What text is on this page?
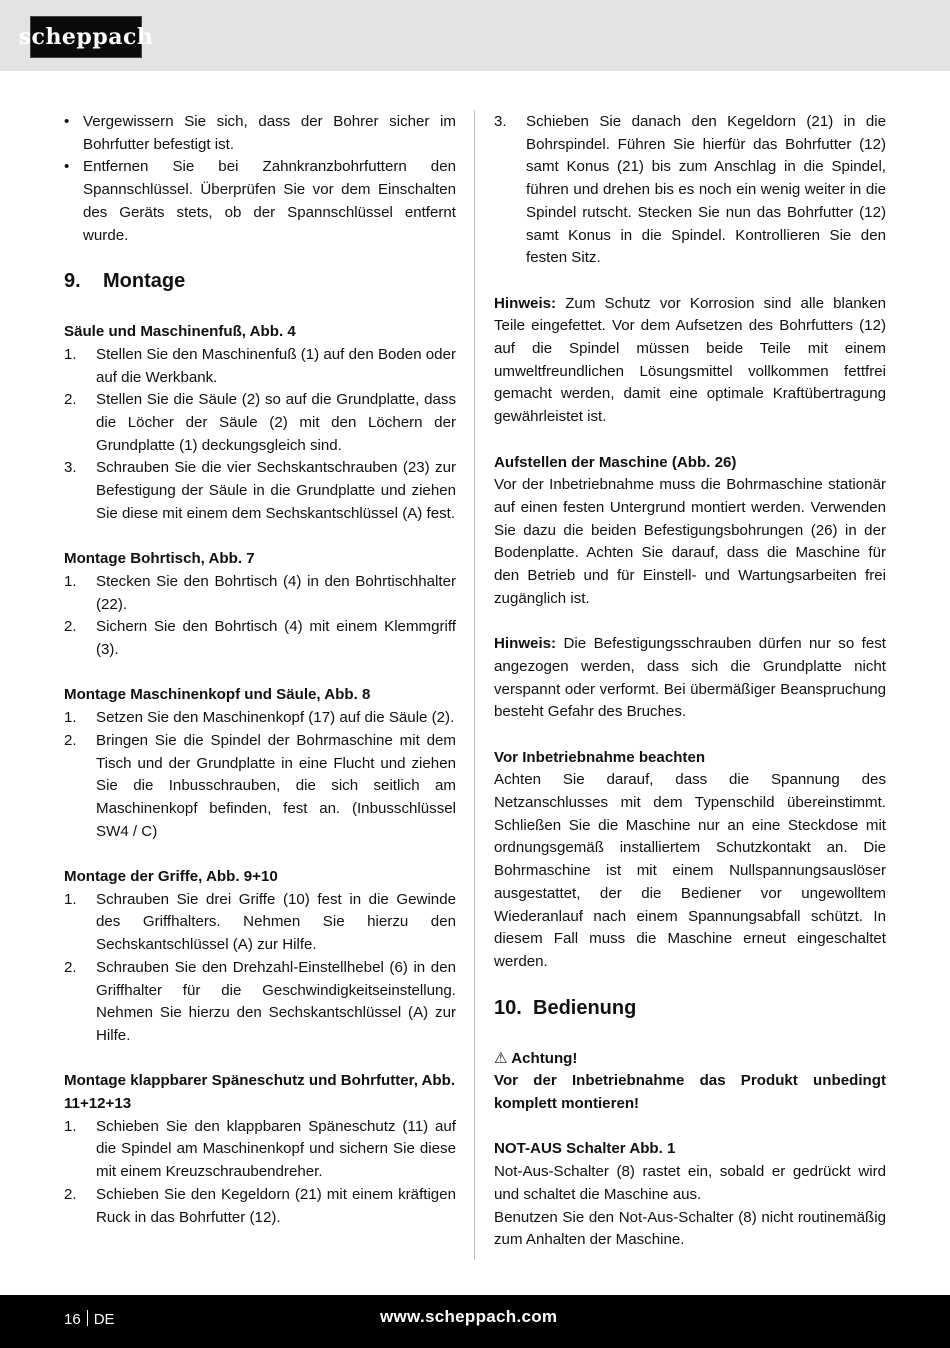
scheppach
• Vergewissern Sie sich, dass der Bohrer sicher im Bohrfutter befestigt ist.
• Entfernen Sie bei Zahnkranzbohrfuttern den Spannschlüssel. Überprüfen Sie vor dem Einschalten des Geräts stets, ob der Spannschlüssel entfernt wurde.
9.	Montage
Säule und Maschinenfuß, Abb. 4
1. Stellen Sie den Maschinenfuß (1) auf den Boden oder auf die Werkbank.
2. Stellen Sie die Säule (2) so auf die Grundplatte, dass die Löcher der Säule (2) mit den Löchern der Grundplatte (1) deckungsgleich sind.
3. Schrauben Sie die vier Sechskantschrauben (23) zur Befestigung der Säule in die Grundplatte und ziehen Sie diese mit einem dem Sechskantschlüssel (A) fest.
Montage Bohrtisch, Abb. 7
1. Stecken Sie den Bohrtisch (4) in den Bohrtischhalter (22).
2. Sichern Sie den Bohrtisch (4) mit einem Klemmgriff (3).
Montage Maschinenkopf und Säule, Abb. 8
1. Setzen Sie den Maschinenkopf (17) auf die Säule (2).
2. Bringen Sie die Spindel der Bohrmaschine mit dem Tisch und der Grundplatte in eine Flucht und ziehen Sie die Inbusschrauben, die sich seitlich am Maschinenkopf befinden, fest an. (Inbusschlüssel SW4 / C)
Montage der Griffe, Abb. 9+10
1. Schrauben Sie drei Griffe (10) fest in die Gewinde des Griffhalters. Nehmen Sie hierzu den Sechskantschlüssel (A) zur Hilfe.
2. Schrauben Sie den Drehzahl-Einstellhebel (6) in den Griffhalter für die Geschwindigkeitseinstellung. Nehmen Sie hierzu den Sechskantschlüssel (A) zur Hilfe.
Montage klappbarer Späneschutz und Bohrfutter, Abb. 11+12+13
1. Schieben Sie den klappbaren Späneschutz (11) auf die Spindel am Maschinenkopf und sichern Sie diese mit einem Kreuzschraubendreher.
2. Schieben Sie den Kegeldorn (21) mit einem kräftigen Ruck in das Bohrfutter (12).
3. Schieben Sie danach den Kegeldorn (21) in die Bohrspindel. Führen Sie hierfür das Bohrfutter (12) samt Konus (21) bis zum Anschlag in die Spindel, führen und drehen bis es noch ein wenig weiter in die Spindel rutscht. Stecken Sie nun das Bohrfutter (12) samt Konus in die Spindel. Kontrollieren Sie den festen Sitz.

Hinweis: Zum Schutz vor Korrosion sind alle blanken Teile eingefettet. Vor dem Aufsetzen des Bohrfutters (12) auf die Spindel müssen beide Teile mit einem umweltfreundlichen Lösungsmittel vollkommen fettfrei gemacht werden, damit eine optimale Kraftübertragung gewährleistet ist.

Aufstellen der Maschine (Abb. 26)

Vor der Inbetriebnahme muss die Bohrmaschine stationär auf einen festen Untergrund montiert werden. Verwenden Sie dazu die beiden Befestigungsbohrungen (26) in der Bodenplatte. Achten Sie darauf, dass die Maschine für den Betrieb und für Einstell- und Wartungsarbeiten frei zugänglich ist.

Hinweis: Die Befestigungsschrauben dürfen nur so fest angezogen werden, dass sich die Grundplatte nicht verspannt oder verformt. Bei übermäßiger Beanspruchung besteht Gefahr des Bruches.

Vor Inbetriebnahme beachten

Achten Sie darauf, dass die Spannung des Netzanschlusses mit dem Typenschild übereinstimmt. Schließen Sie die Maschine nur an eine Steckdose mit ordnungsgemäß installiertem Schutzkontakt an. Die Bohrmaschine ist mit einem Nullspannungsauslöser ausgestattet, der die Bediener vor ungewolltem Wiederanlauf nach einem Spannungsabfall schützt. In diesem Fall muss die Maschine erneut eingeschaltet werden.

10. Bedienung
⚠ Achtung!

Vor der Inbetriebnahme das Produkt unbedingt komplett montieren!

NOT-AUS Schalter Abb. 1

Not-Aus-Schalter (8) rastet ein, sobald er gedrückt wird und schaltet die Maschine aus.

Benutzen Sie den Not-Aus-Schalter (8) nicht routinemäßig zum Anhalten der Maschine.

16 DE	www.scheppach.com
